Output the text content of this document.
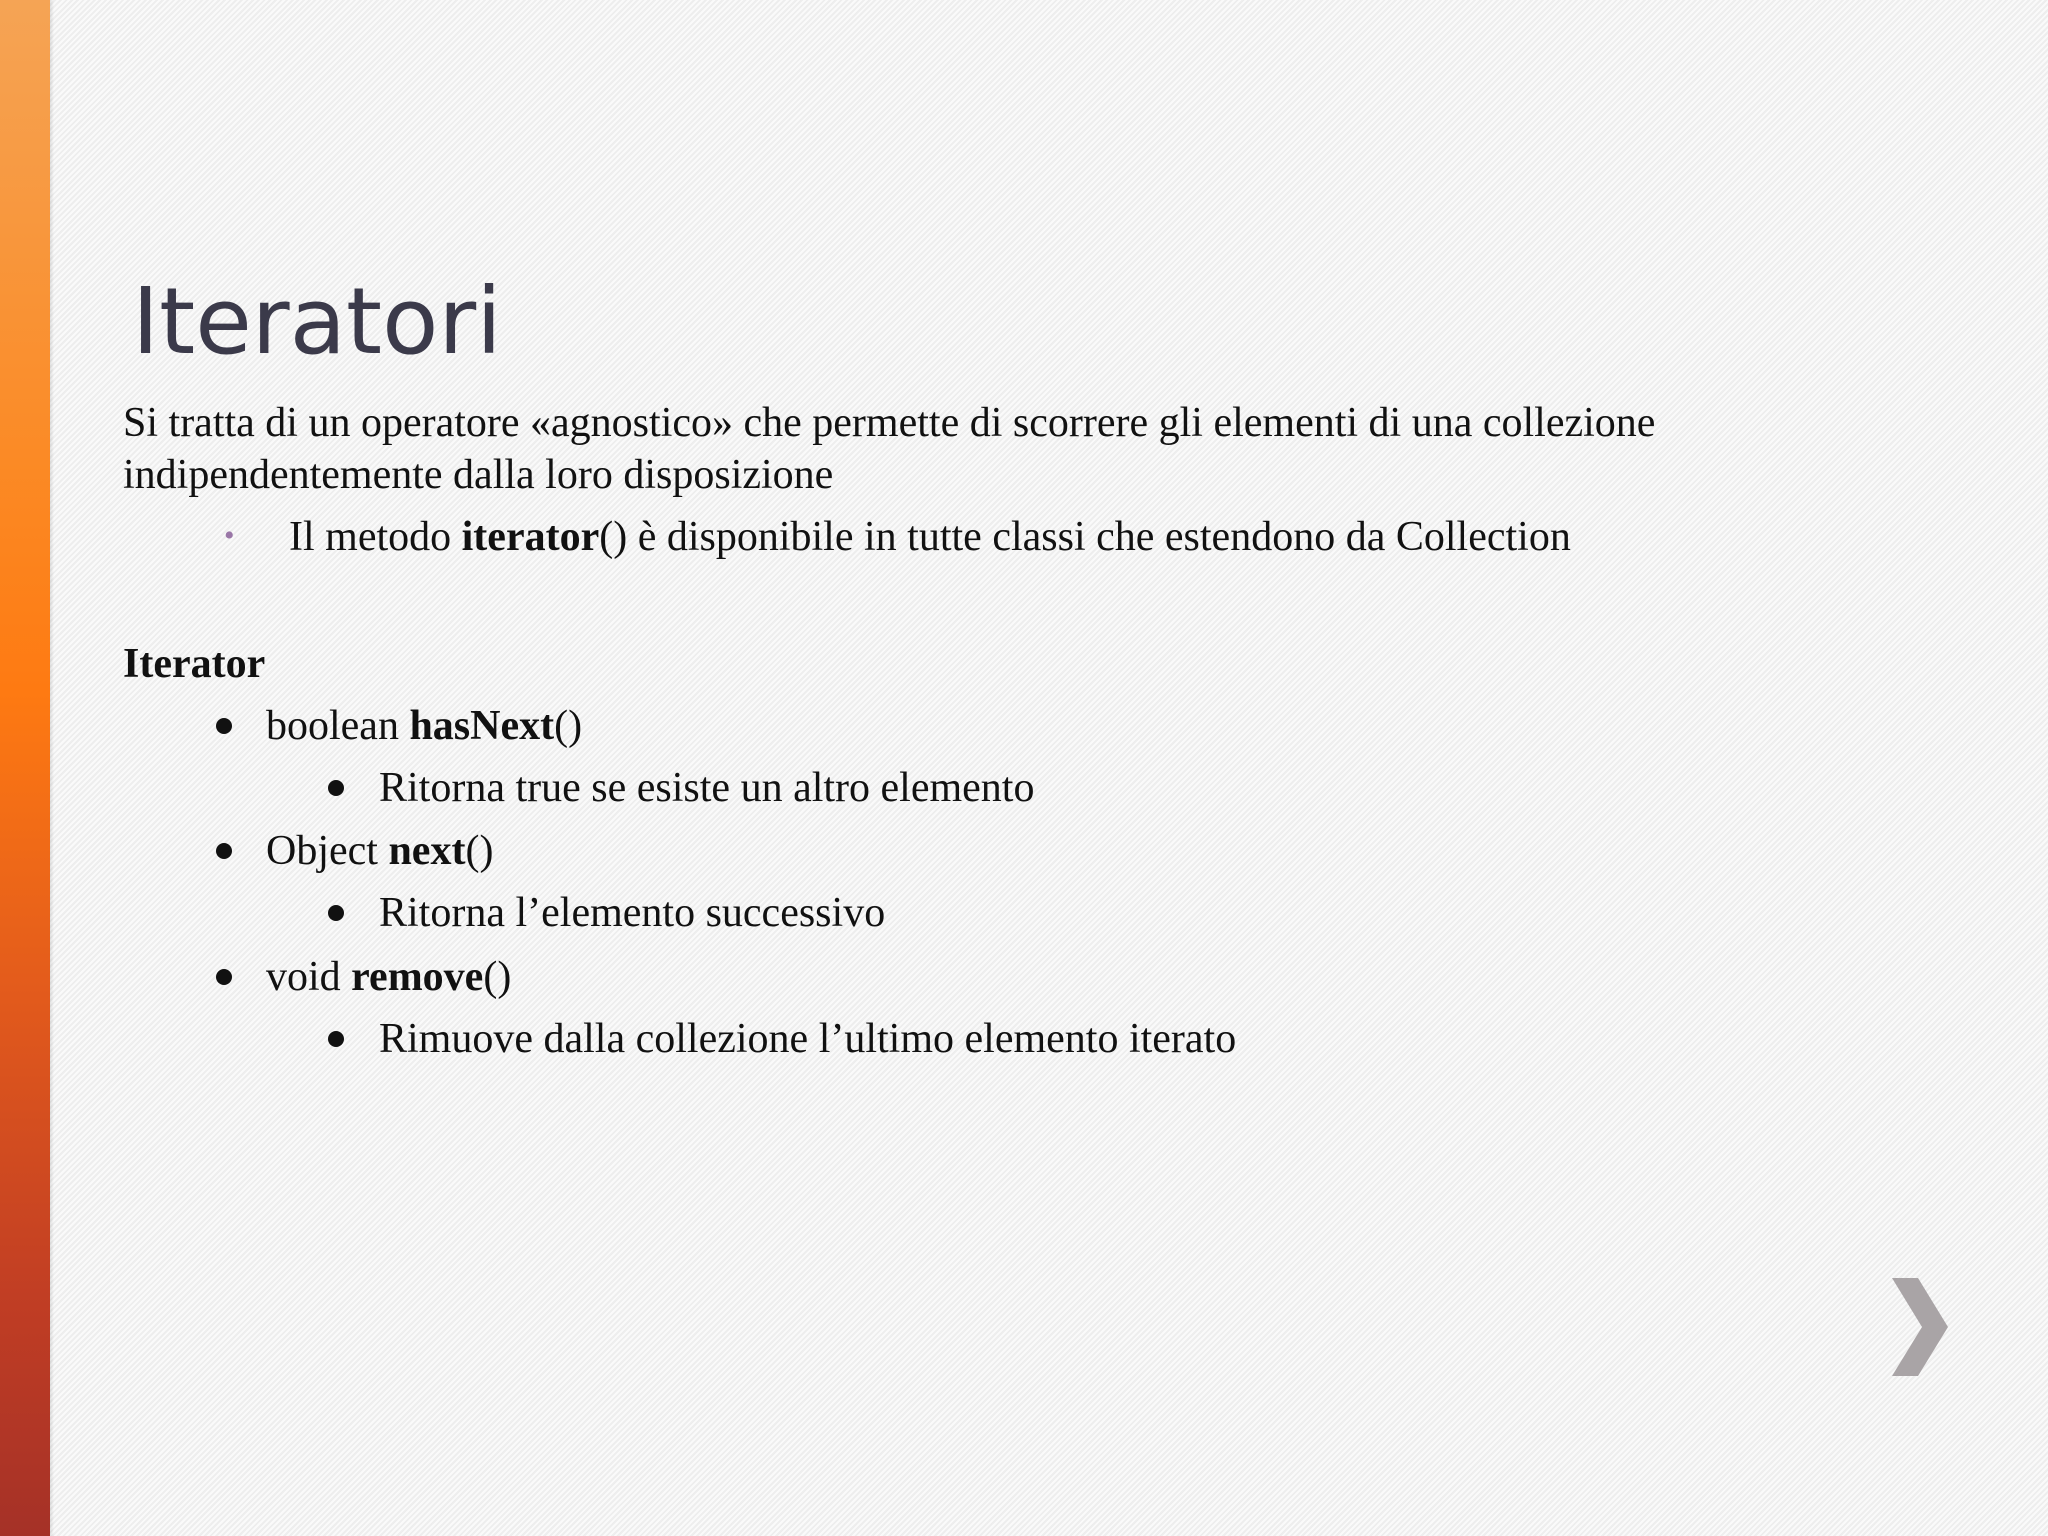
Iteratori
Si tratta di un operatore «agnostico» che permette di scorrere gli elementi di una collezione
indipendentemente dalla loro disposizione
• Il metodo iterator() è disponibile in tutte classi che estendono da Collection
Iterator
boolean hasNext()
Ritorna true se esiste un altro elemento
Object next()
Ritorna l’elemento successivo
void remove()
Rimuove dalla collezione l’ultimo elemento iterato
